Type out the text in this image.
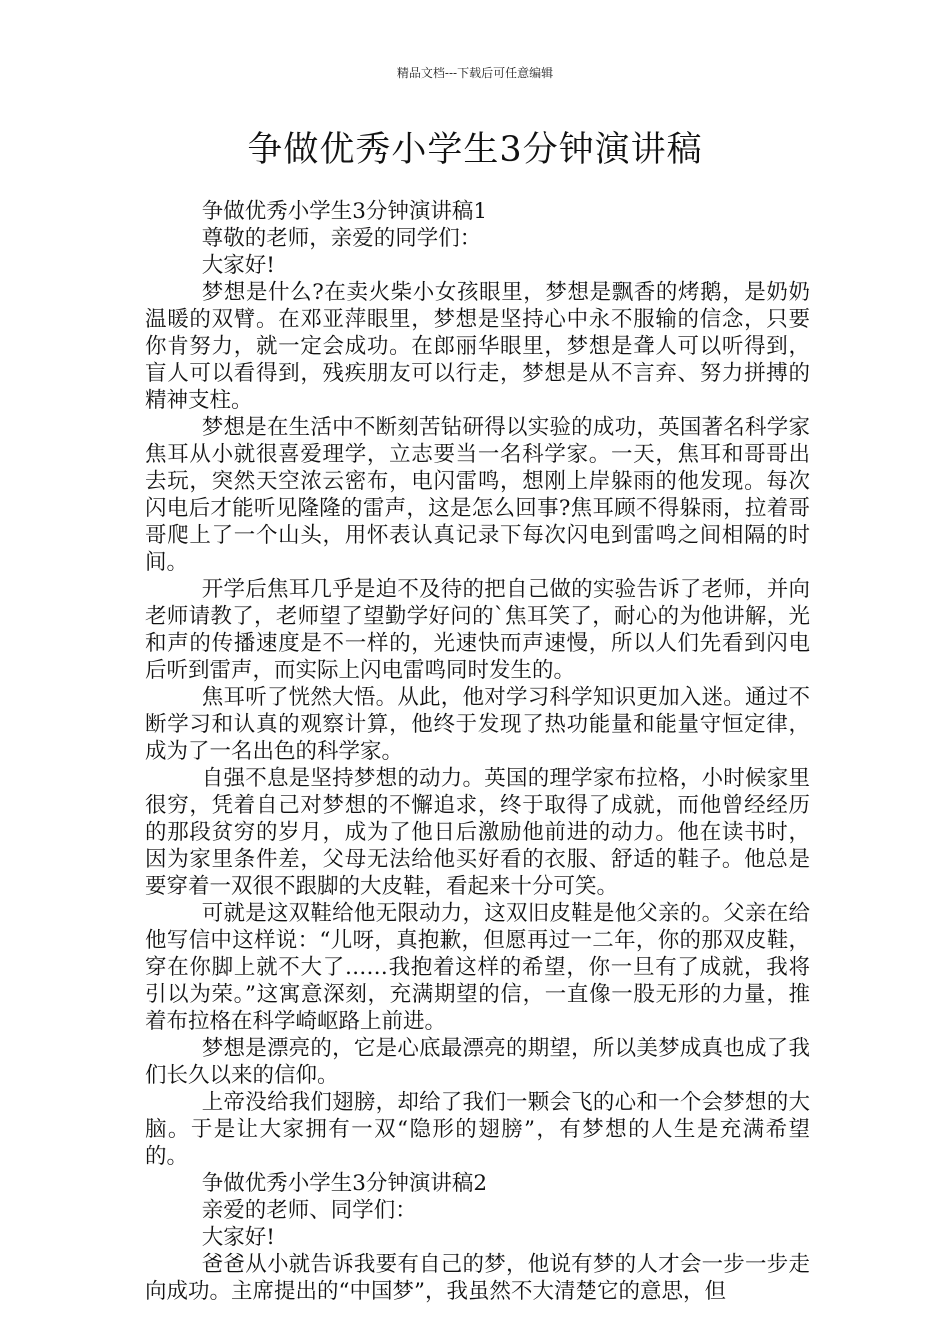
精品文档---下载后可任意编辑
争做优秀小学生3分钟演讲稿

争做优秀小学生3分钟演讲稿1

尊敬的老师，亲爱的同学们：

大家好!

梦想是什么?在卖火柴小女孩眼里，梦想是飘香的烤鹅，是奶奶温暖的双臂。在邓亚萍眼里，梦想是坚持心中永不服输的信念，只要你肯努力，就一定会成功。在郎丽华眼里，梦想是聋人可以听得到，盲人可以看得到，残疾朋友可以行走，梦想是从不言弃、努力拼搏的精神支柱。

梦想是在生活中不断刻苦钻研得以实验的成功，英国著名科学家焦耳从小就很喜爱理学，立志要当一名科学家。一天，焦耳和哥哥出去玩，突然天空浓云密布，电闪雷鸣，想刚上岸躲雨的他发现。每次闪电后才能听见隆隆的雷声，这是怎么回事?焦耳顾不得躲雨，拉着哥哥爬上了一个山头，用怀表认真记录下每次闪电到雷鸣之间相隔的时间。

开学后焦耳几乎是迫不及待的把自己做的实验告诉了老师，并向老师请教了，老师望了望勤学好问的`焦耳笑了，耐心的为他讲解，光和声的传播速度是不一样的，光速快而声速慢，所以人们先看到闪电后听到雷声，而实际上闪电雷鸣同时发生的。

焦耳听了恍然大悟。从此，他对学习科学知识更加入迷。通过不断学习和认真的观察计算，他终于发现了热功能量和能量守恒定律，成为了一名出色的科学家。

自强不息是坚持梦想的动力。英国的理学家布拉格，小时候家里很穷，凭着自己对梦想的不懈追求，终于取得了成就，而他曾经经历的那段贫穷的岁月，成为了他日后激励他前进的动力。他在读书时，因为家里条件差，父母无法给他买好看的衣服、舒适的鞋子。他总是要穿着一双很不跟脚的大皮鞋，看起来十分可笑。

可就是这双鞋给他无限动力，这双旧皮鞋是他父亲的。父亲在给他写信中这样说：“儿呀，真抱歉，但愿再过一二年，你的那双皮鞋，穿在你脚上就不大了……我抱着这样的希望，你一旦有了成就，我将引以为荣。”这寓意深刻，充满期望的信，一直像一股无形的力量，推着布拉格在科学崎岖路上前进。

梦想是漂亮的，它是心底最漂亮的期望，所以美梦成真也成了我们长久以来的信仰。

上帝没给我们翅膀，却给了我们一颗会飞的心和一个会梦想的大脑。于是让大家拥有一双“隐形的翅膀”，有梦想的人生是充满希望的。

争做优秀小学生3分钟演讲稿2

亲爱的老师、同学们：

大家好!

爸爸从小就告诉我要有自己的梦，他说有梦的人才会一步一步走向成功。主席提出的“中国梦”，我虽然不大清楚它的意思，但
